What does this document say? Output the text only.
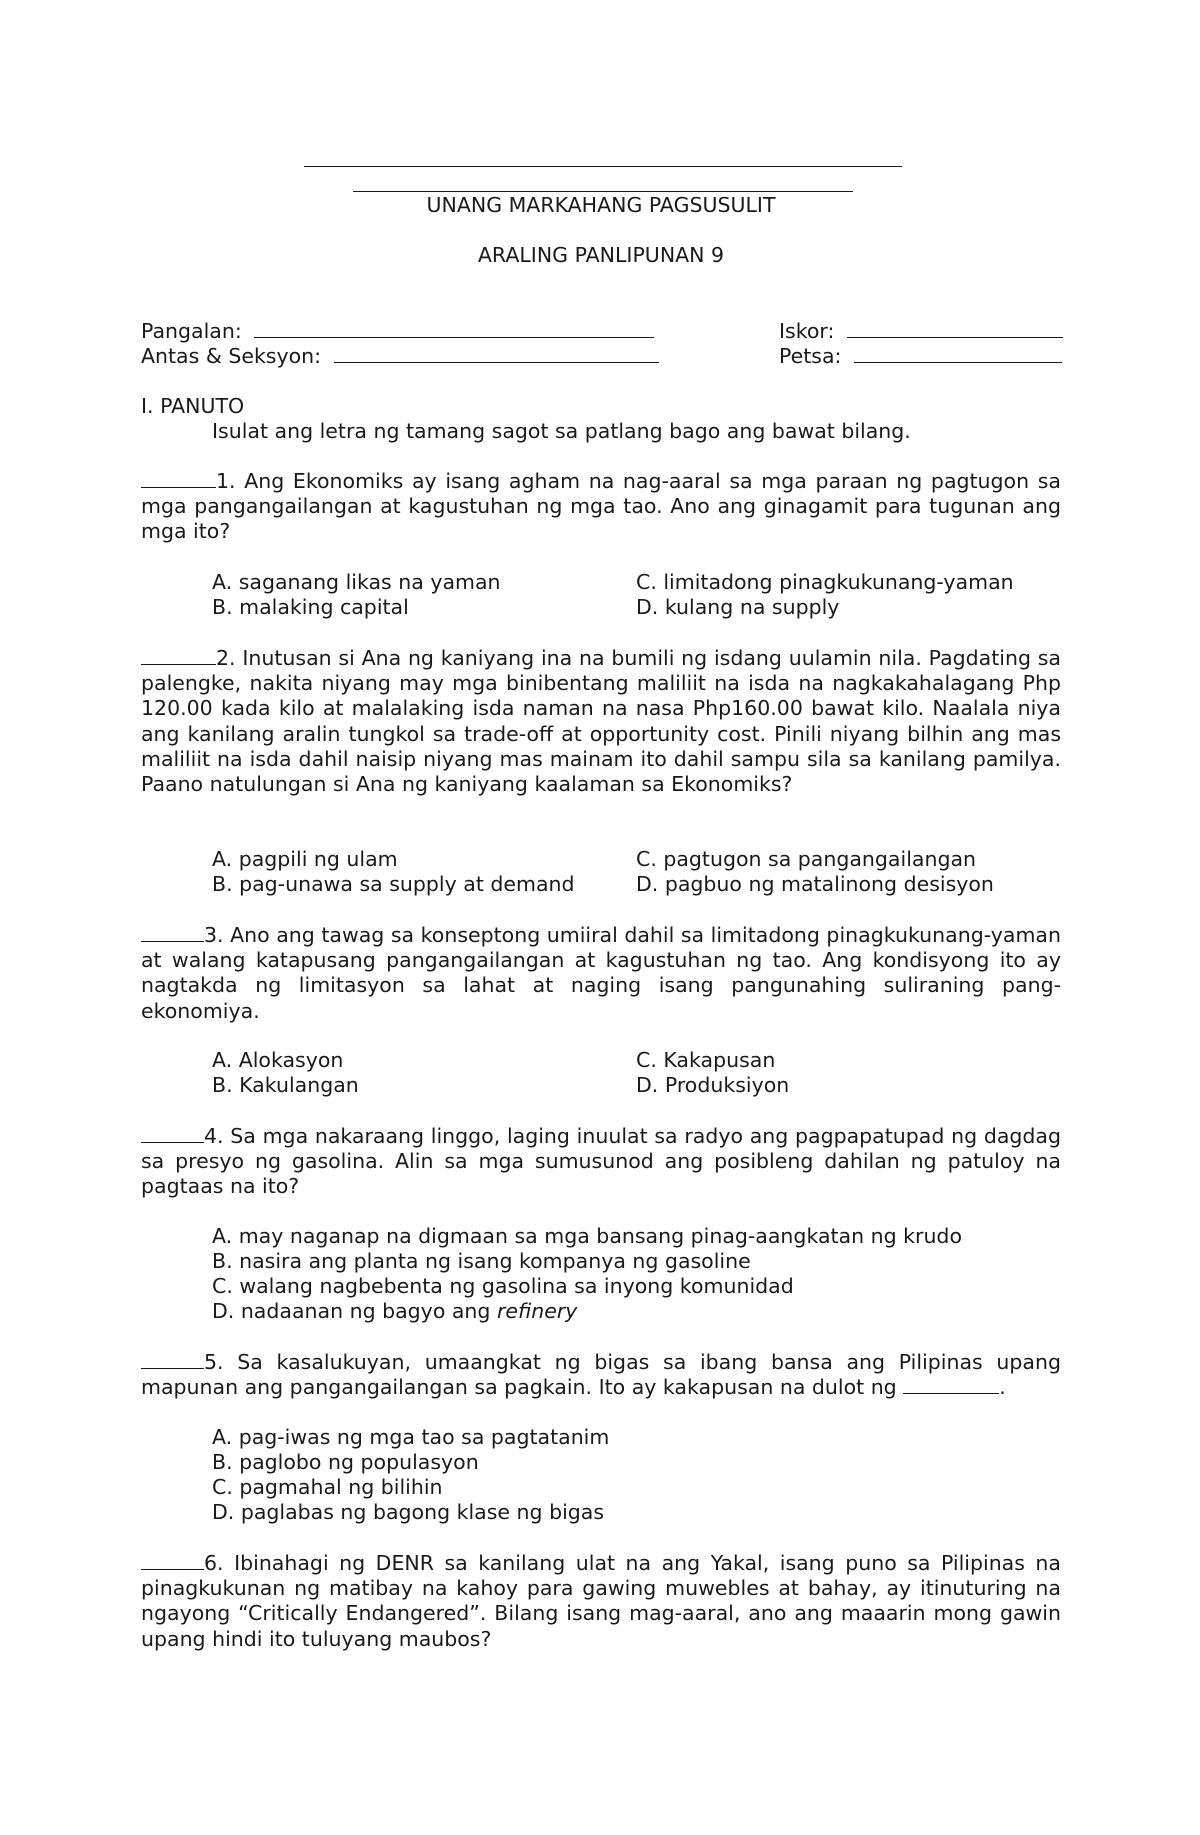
UNANG MARKAHANG PAGSUSULIT
ARALING PANLIPUNAN 9
Pangalan:	Iskor:
Antas & Seksyon:	Petsa:
I. PANUTO
Isulat ang letra ng tamang sagot sa patlang bago ang bawat bilang.
1. Ang Ekonomiks ay isang agham na nag-aaral sa mga paraan ng pagtugon sa mga pangangailangan at kagustuhan ng mga tao. Ano ang ginagamit para tugunan ang mga ito?
A. saganang likas na yaman	C. limitadong pinagkukunang-yaman
B. malaking capital	D. kulang na supply
2. Inutusan si Ana ng kaniyang ina na bumili ng isdang uulamin nila. Pagdating sa palengke, nakita niyang may mga binibentang maliliit na isda na nagkakahalagang Php 120.00 kada kilo at malalaking isda naman na nasa Php160.00 bawat kilo. Naalala niya ang kanilang aralin tungkol sa trade-off at opportunity cost. Pinili niyang bilhin ang mas maliliit na isda dahil naisip niyang mas mainam ito dahil sampu sila sa kanilang pamilya. Paano natulungan si Ana ng kaniyang kaalaman sa Ekonomiks?
A. pagpili ng ulam	C. pagtugon sa pangangailangan
B. pag-unawa sa supply at demand	D. pagbuo ng matalinong desisyon
3. Ano ang tawag sa konseptong umiiral dahil sa limitadong pinagkukunang-yaman at walang katapusang pangangailangan at kagustuhan ng tao. Ang kondisyong ito ay nagtakda ng limitasyon sa lahat at naging isang pangunahing suliraning pang-ekonomiya.
A. Alokasyon	C. Kakapusan
B. Kakulangan	D. Produksiyon
4. Sa mga nakaraang linggo, laging inuulat sa radyo ang pagpapatupad ng dagdag sa presyo ng gasolina. Alin sa mga sumusunod ang posibleng dahilan ng patuloy na pagtaas na ito?
A. may naganap na digmaan sa mga bansang pinag-aangkatan ng krudo
B. nasira ang planta ng isang kompanya ng gasoline
C. walang nagbebenta ng gasolina sa inyong komunidad
D. nadaanan ng bagyo ang refinery
5. Sa kasalukuyan, umaangkat ng bigas sa ibang bansa ang Pilipinas upang mapunan ang pangangailangan sa pagkain. Ito ay kakapusan na dulot ng	.
A. pag-iwas ng mga tao sa pagtatanim
B. paglobo ng populasyon
C. pagmahal ng bilihin
D. paglabas ng bagong klase ng bigas
6. Ibinahagi ng DENR sa kanilang ulat na ang Yakal, isang puno sa Pilipinas na pinagkukunan ng matibay na kahoy para gawing muwebles at bahay, ay itinuturing na ngayong “Critically Endangered”. Bilang isang mag-aaral, ano ang maaarin mong gawin upang hindi ito tuluyang maubos?
